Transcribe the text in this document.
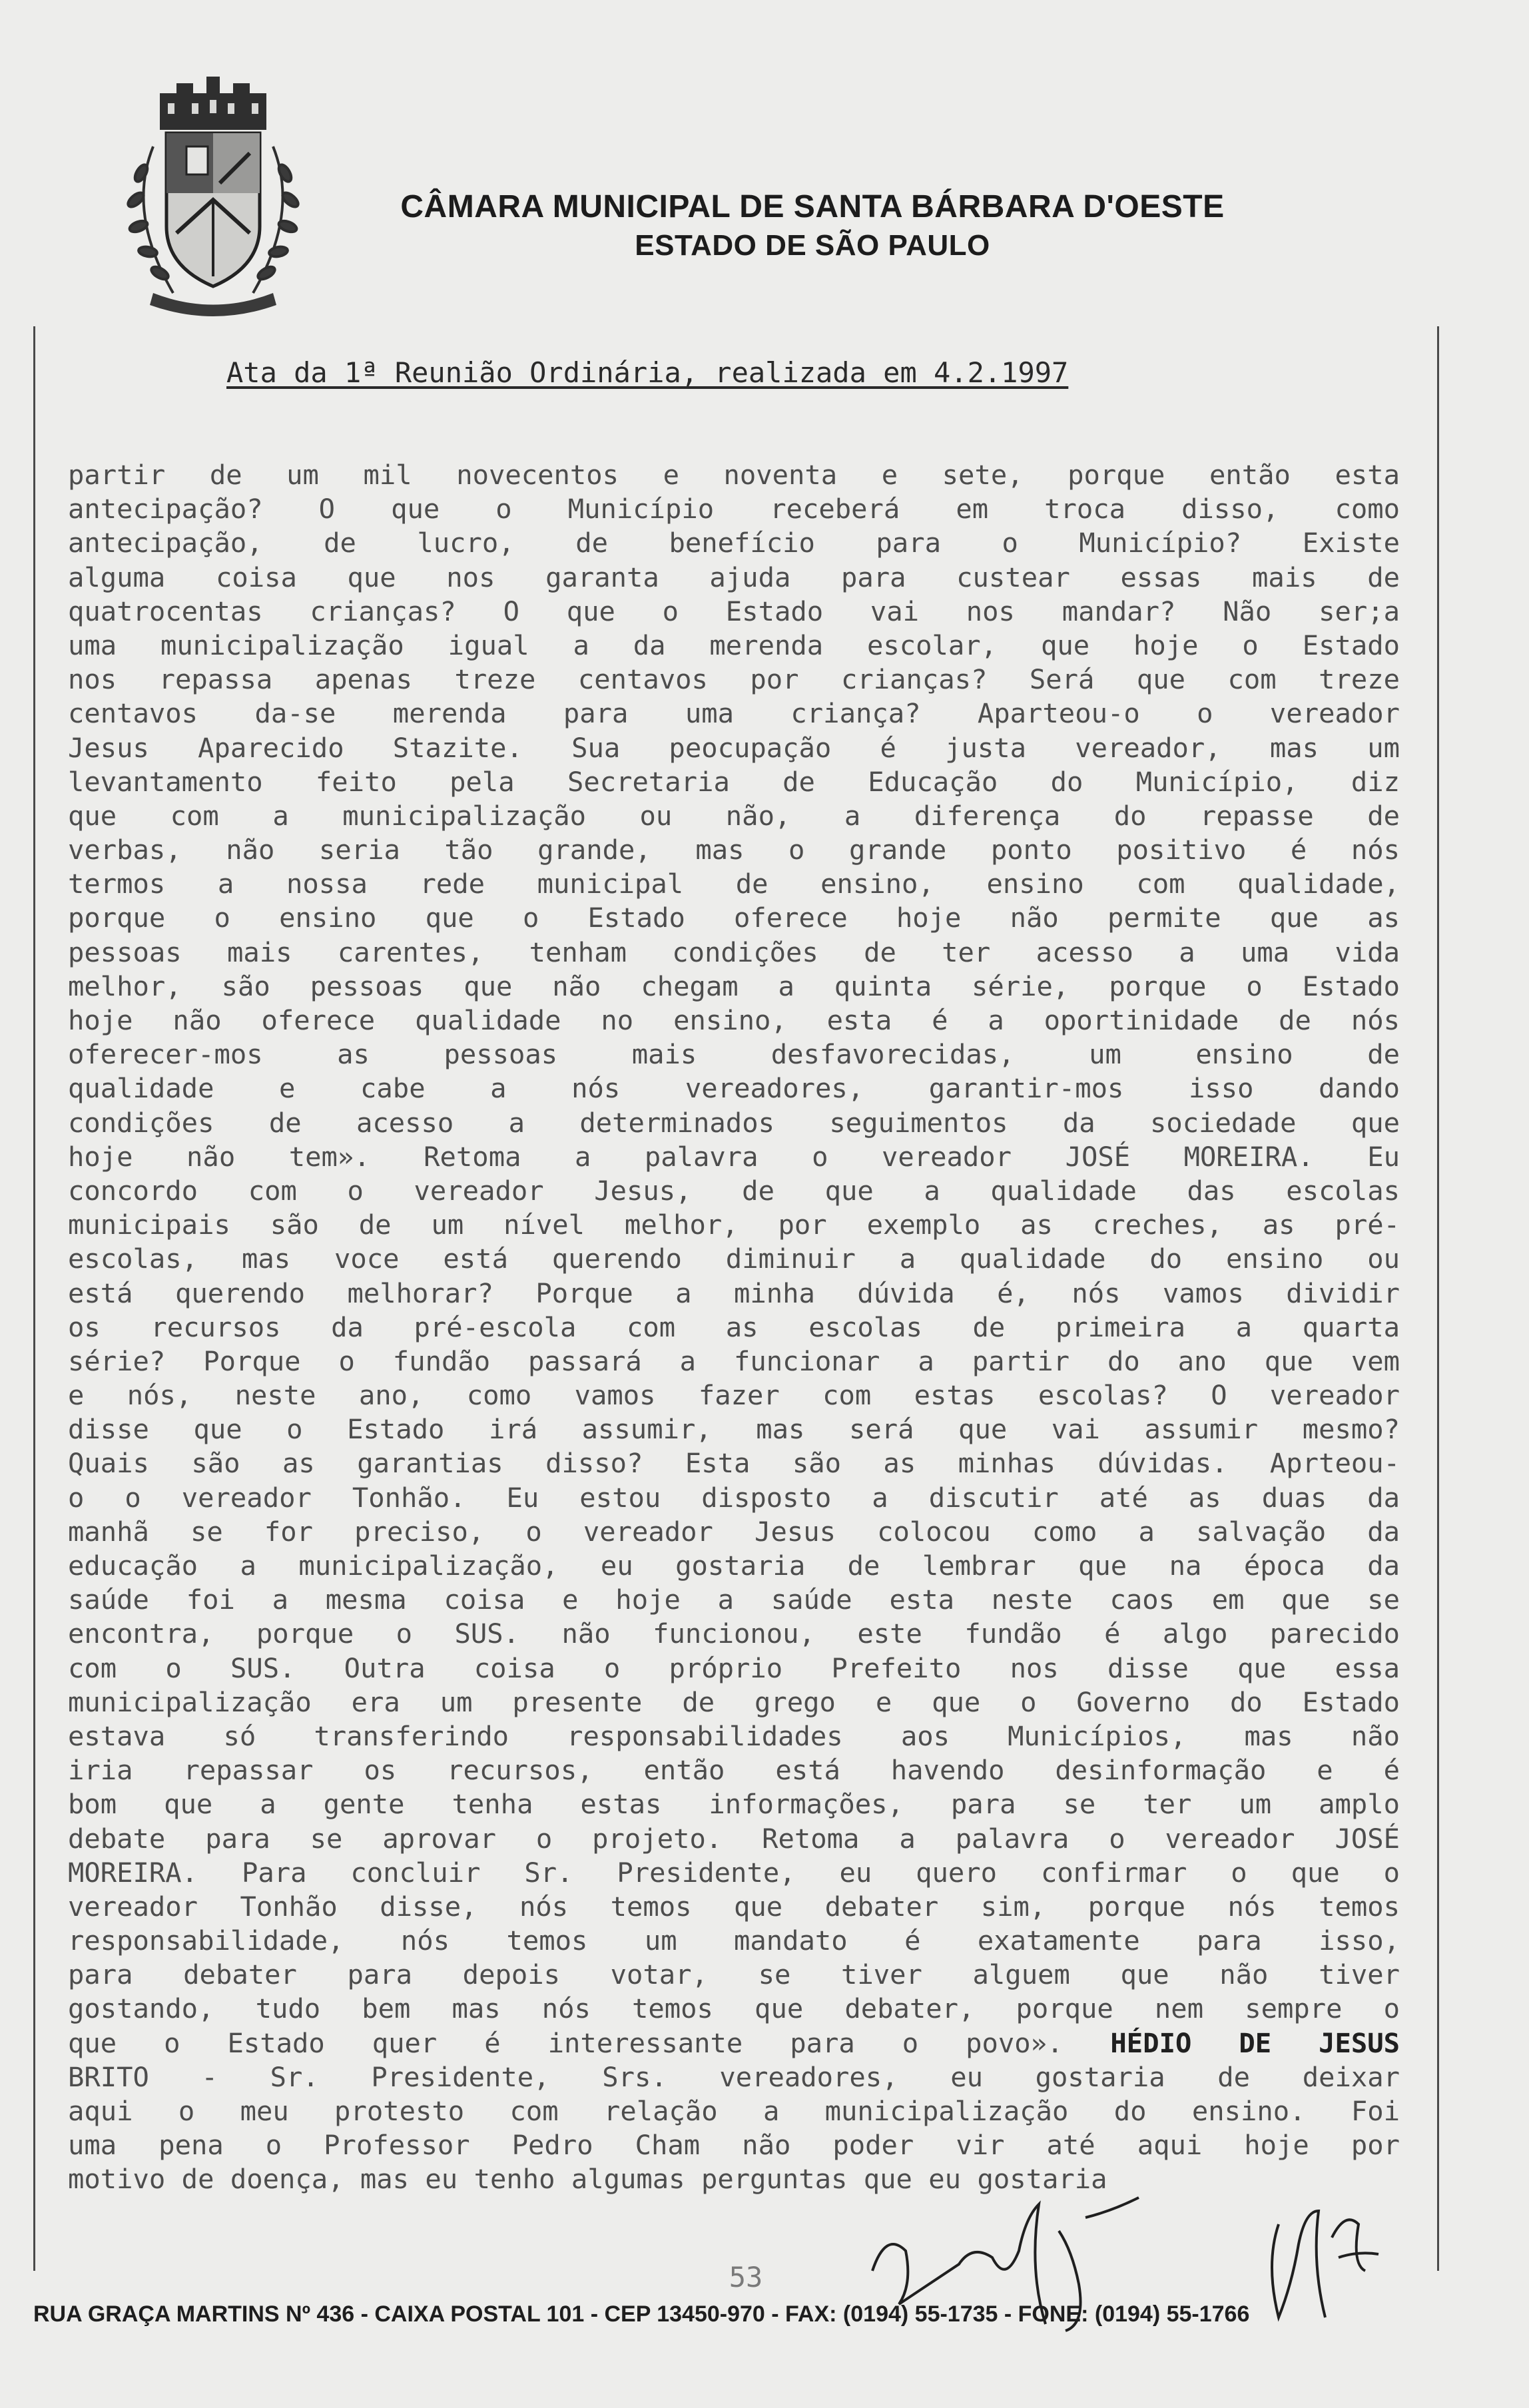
CÂMARA MUNICIPAL DE SANTA BÁRBARA D'OESTE
ESTADO DE SÃO PAULO
Ata da 1ª Reunião Ordinária, realizada em 4.2.1997
partir de um mil novecentos e noventa e sete, porque então esta
antecipação? O que o Município receberá em troca disso, como
antecipação, de lucro, de benefício para o Município? Existe
alguma coisa que nos garanta ajuda para custear essas mais de
quatrocentas crianças? O que o Estado vai nos mandar? Não ser;a
uma municipalização igual a da merenda escolar, que hoje o Estado
nos repassa apenas treze centavos por crianças? Será que com treze
centavos da-se merenda para uma criança? Aparteou-o o vereador
Jesus Aparecido Stazite. Sua peocupação é justa vereador, mas um
levantamento feito pela Secretaria de Educação do Município, diz
que com a municipalização ou não, a diferença do repasse de
verbas, não seria tão grande, mas o grande ponto positivo é nós
termos a nossa rede municipal de ensino, ensino com qualidade,
porque o ensino que o Estado oferece hoje não permite que as
pessoas mais carentes, tenham condições de ter acesso a uma vida
melhor, são pessoas que não chegam a quinta série, porque o Estado
hoje não oferece qualidade no ensino, esta é a oportinidade de nós
oferecer-mos as pessoas mais desfavorecidas, um ensino de
qualidade e cabe a nós vereadores, garantir-mos isso dando
condições de acesso a determinados seguimentos da sociedade que
hoje não tem». Retoma a palavra o vereador JOSÉ MOREIRA. Eu
concordo com o vereador Jesus, de que a qualidade das escolas
municipais são de um nível melhor, por exemplo as creches, as pré-
escolas, mas voce está querendo diminuir a qualidade do ensino ou
está querendo melhorar? Porque a minha dúvida é, nós vamos dividir
os recursos da pré-escola com as escolas de primeira a quarta
série? Porque o fundão passará a funcionar a partir do ano que vem
e nós, neste ano, como vamos fazer com estas escolas? O vereador
disse que o Estado irá assumir, mas será que vai assumir mesmo?
Quais são as garantias disso? Esta são as minhas dúvidas. Aprteou-
o o vereador Tonhão. Eu estou disposto a discutir até as duas da
manhã se for preciso, o vereador Jesus colocou como a salvação da
educação a municipalização, eu gostaria de lembrar que na época da
saúde foi a mesma coisa e hoje a saúde esta neste caos em que se
encontra, porque o SUS. não funcionou, este fundão é algo parecido
com o SUS. Outra coisa o próprio Prefeito nos disse que essa
municipalização era um presente de grego e que o Governo do Estado
estava só transferindo responsabilidades aos Municípios, mas não
iria repassar os recursos, então está havendo desinformação e é
bom que a gente tenha estas informações, para se ter um amplo
debate para se aprovar o projeto. Retoma a palavra o vereador JOSÉ
MOREIRA. Para concluir Sr. Presidente, eu quero confirmar o que o
vereador Tonhão disse, nós temos que debater sim, porque nós temos
responsabilidade, nós temos um mandato é exatamente para isso,
para debater para depois votar, se tiver alguem que não tiver
gostando, tudo bem mas nós temos que debater, porque nem sempre o
que o Estado quer é interessante para o povo». HÉDIO DE JESUS
BRITO - Sr. Presidente, Srs. vereadores, eu gostaria de deixar
aqui o meu protesto com relação a municipalização do ensino. Foi
uma pena o Professor Pedro Cham não poder vir até aqui hoje por
motivo de doença, mas eu tenho algumas perguntas que eu gostaria
53
RUA GRAÇA MARTINS Nº 436 - CAIXA POSTAL 101 - CEP 13450-970 - FAX: (0194) 55-1735 - FONE: (0194) 55-1766
